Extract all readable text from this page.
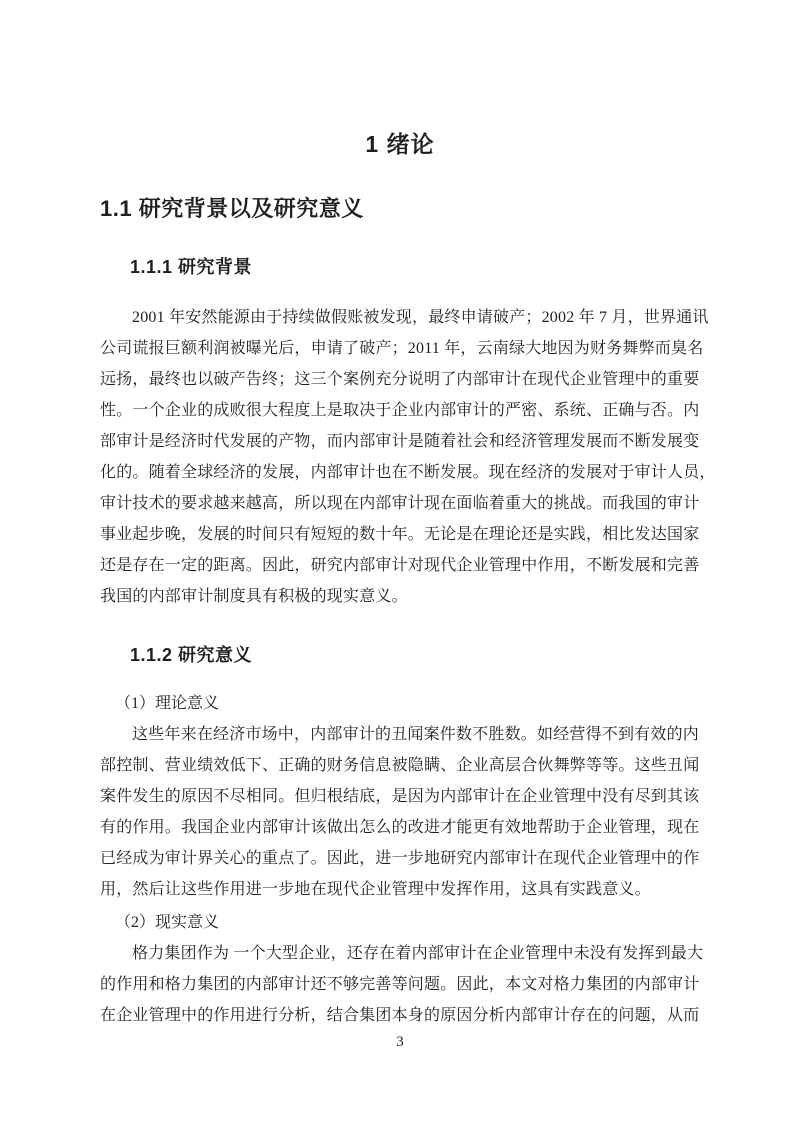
1 绪论
1.1 研究背景以及研究意义
1.1.1 研究背景
2001 年安然能源由于持续做假账被发现，最终申请破产；2002 年 7 月，世界通讯
公司谎报巨额利润被曝光后，申请了破产；2011 年，云南绿大地因为财务舞弊而臭名
远扬，最终也以破产告终；这三个案例充分说明了内部审计在现代企业管理中的重要
性。一个企业的成败很大程度上是取决于企业内部审计的严密、系统、正确与否。内
部审计是经济时代发展的产物，而内部审计是随着社会和经济管理发展而不断发展变
化的。随着全球经济的发展，内部审计也在不断发展。现在经济的发展对于审计人员，
审计技术的要求越来越高，所以现在内部审计现在面临着重大的挑战。而我国的审计
事业起步晚，发展的时间只有短短的数十年。无论是在理论还是实践，相比发达国家
还是存在一定的距离。因此，研究内部审计对现代企业管理中作用，不断发展和完善
我国的内部审计制度具有积极的现实意义。
1.1.2 研究意义
（1）理论意义
这些年来在经济市场中，内部审计的丑闻案件数不胜数。如经营得不到有效的内
部控制、营业绩效低下、正确的财务信息被隐瞒、企业高层合伙舞弊等等。这些丑闻
案件发生的原因不尽相同。但归根结底，是因为内部审计在企业管理中没有尽到其该
有的作用。我国企业内部审计该做出怎么的改进才能更有效地帮助于企业管理，现在
已经成为审计界关心的重点了。因此，进一步地研究内部审计在现代企业管理中的作
用，然后让这些作用进一步地在现代企业管理中发挥作用，这具有实践意义。
（2）现实意义
格力集团作为 一个大型企业，还存在着内部审计在企业管理中未没有发挥到最大
的作用和格力集团的内部审计还不够完善等问题。因此，本文对格力集团的内部审计
在企业管理中的作用进行分析，结合集团本身的原因分析内部审计存在的问题，从而
3
